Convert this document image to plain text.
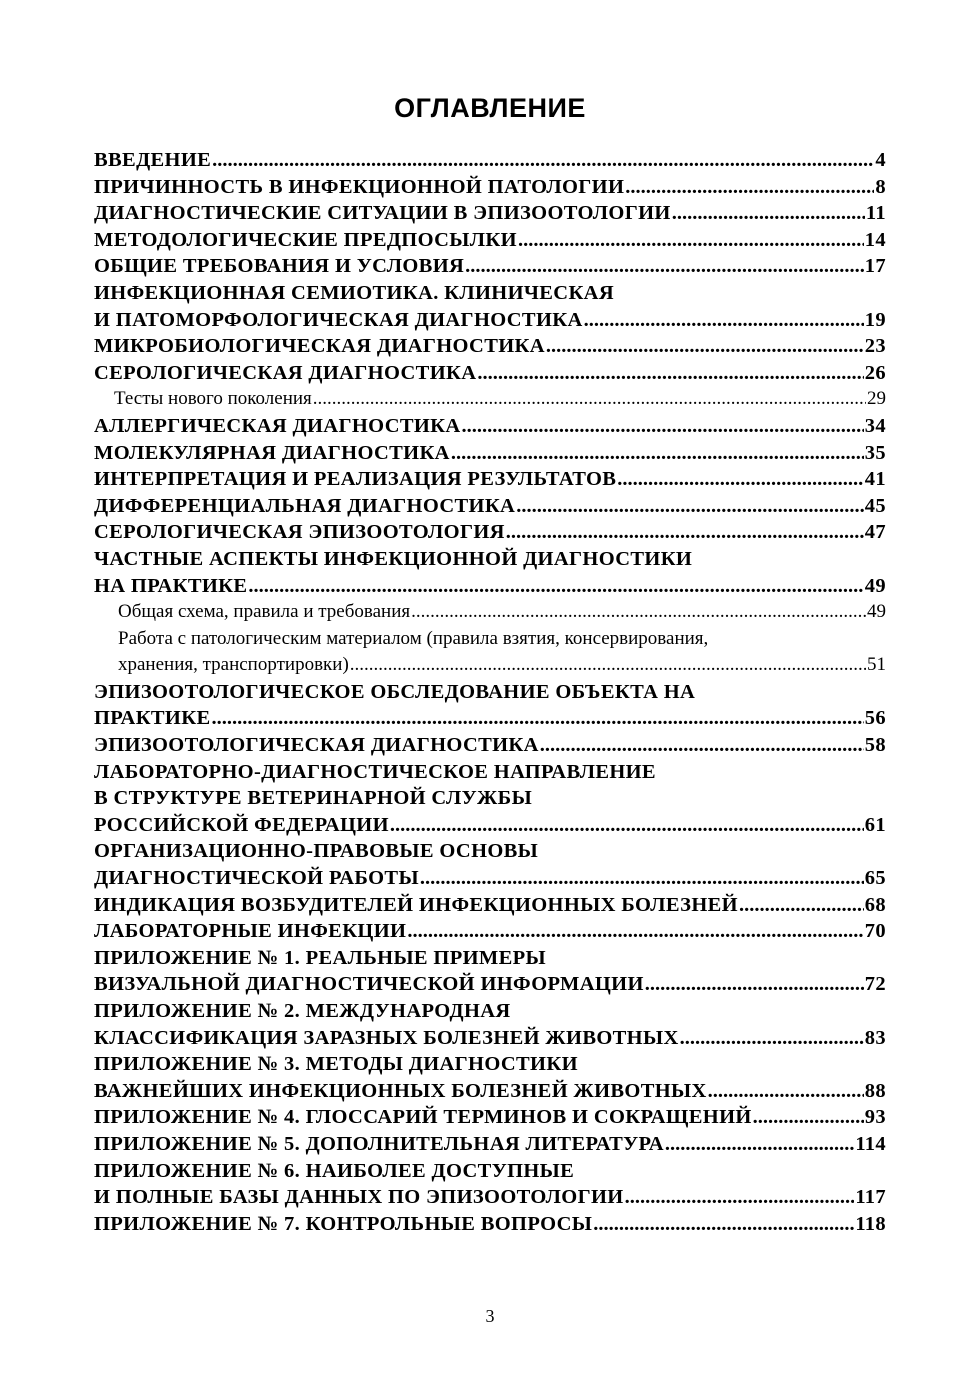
ОГЛАВЛЕНИЕ
ВВЕДЕНИЕ .....	4
ПРИЧИННОСТЬ В ИНФЕКЦИОННОЙ ПАТОЛОГИИ .....	8
ДИАГНОСТИЧЕСКИЕ СИТУАЦИИ В ЭПИЗООТОЛОГИИ .....	11
МЕТОДОЛОГИЧЕСКИЕ ПРЕДПОСЫЛКИ .....	14
ОБЩИЕ ТРЕБОВАНИЯ И УСЛОВИЯ .....	17
ИНФЕКЦИОННАЯ СЕМИОТИКА. КЛИНИЧЕСКАЯ
И ПАТОМОРФОЛОГИЧЕСКАЯ ДИАГНОСТИКА .....	19
МИКРОБИОЛОГИЧЕСКАЯ ДИАГНОСТИКА .....	23
СЕРОЛОГИЧЕСКАЯ ДИАГНОСТИКА .....	26
Тесты нового поколения .....	29
АЛЛЕРГИЧЕСКАЯ ДИАГНОСТИКА .....	34
МОЛЕКУЛЯРНАЯ ДИАГНОСТИКА .....	35
ИНТЕРПРЕТАЦИЯ И РЕАЛИЗАЦИЯ РЕЗУЛЬТАТОВ .....	41
ДИФФЕРЕНЦИАЛЬНАЯ ДИАГНОСТИКА .....	45
СЕРОЛОГИЧЕСКАЯ ЭПИЗООТОЛОГИЯ .....	47
ЧАСТНЫЕ АСПЕКТЫ ИНФЕКЦИОННОЙ ДИАГНОСТИКИ
НА ПРАКТИКЕ .....	49
Общая схема, правила и требования .....	49
Работа с патологическим материалом (правила взятия, консервирования,
хранения, транспортировки) .....	51
ЭПИЗООТОЛОГИЧЕСКОЕ ОБСЛЕДОВАНИЕ ОБЪЕКТА НА
ПРАКТИКЕ .....	56
ЭПИЗООТОЛОГИЧЕСКАЯ ДИАГНОСТИКА .....	58
ЛАБОРАТОРНО-ДИАГНОСТИЧЕСКОЕ НАПРАВЛЕНИЕ
В СТРУКТУРЕ ВЕТЕРИНАРНОЙ СЛУЖБЫ
РОССИЙСКОЙ ФЕДЕРАЦИИ .....	61
ОРГАНИЗАЦИОННО-ПРАВОВЫЕ ОСНОВЫ
ДИАГНОСТИЧЕСКОЙ РАБОТЫ .....	65
ИНДИКАЦИЯ ВОЗБУДИТЕЛЕЙ ИНФЕКЦИОННЫХ БОЛЕЗНЕЙ .....	68
ЛАБОРАТОРНЫЕ ИНФЕКЦИИ .....	70
ПРИЛОЖЕНИЕ № 1. РЕАЛЬНЫЕ ПРИМЕРЫ
ВИЗУАЛЬНОЙ ДИАГНОСТИЧЕСКОЙ ИНФОРМАЦИИ .....	72
ПРИЛОЖЕНИЕ № 2. МЕЖДУНАРОДНАЯ
КЛАССИФИКАЦИЯ ЗАРАЗНЫХ БОЛЕЗНЕЙ ЖИВОТНЫХ .....	83
ПРИЛОЖЕНИЕ № 3. МЕТОДЫ ДИАГНОСТИКИ
ВАЖНЕЙШИХ ИНФЕКЦИОННЫХ БОЛЕЗНЕЙ ЖИВОТНЫХ .....	88
ПРИЛОЖЕНИЕ № 4. ГЛОССАРИЙ ТЕРМИНОВ И СОКРАЩЕНИЙ .....	93
ПРИЛОЖЕНИЕ № 5. ДОПОЛНИТЕЛЬНАЯ ЛИТЕРАТУРА .....	114
ПРИЛОЖЕНИЕ № 6. НАИБОЛЕЕ ДОСТУПНЫЕ
И ПОЛНЫЕ БАЗЫ ДАННЫХ ПО ЭПИЗООТОЛОГИИ .....	117
ПРИЛОЖЕНИЕ № 7. КОНТРОЛЬНЫЕ ВОПРОСЫ .....	118
3
